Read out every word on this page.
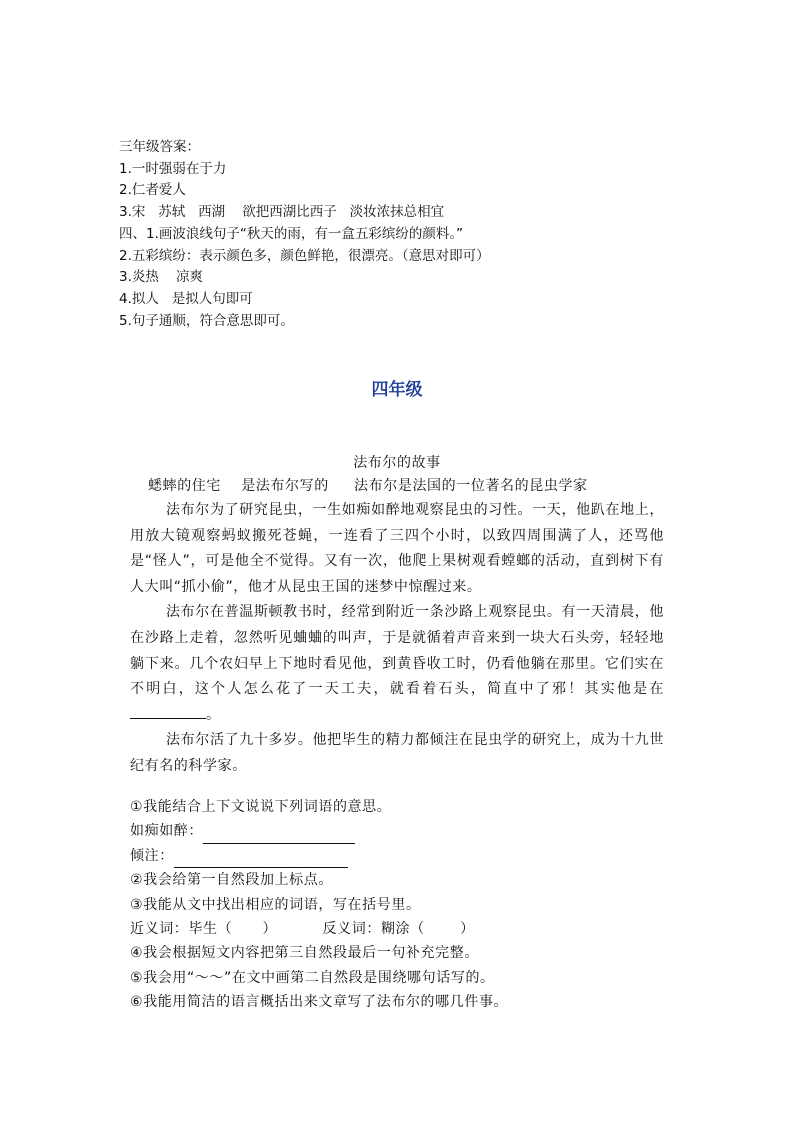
三年级答案：
1.一时强弱在于力
2.仁者爱人
3.宋   苏轼   西湖    欲把西湖比西子   淡妆浓抹总相宜
四、1.画波浪线句子“秋天的雨，有一盒五彩缤纷的颜料。”
2.五彩缤纷：表示颜色多，颜色鲜艳，很漂亮。（意思对即可）
3.炎热    凉爽
4.拟人   是拟人句即可
5.句子通顺，符合意思即可。
四年级
法布尔的故事
蟋蟀的住宅    是法布尔写的     法布尔是法国的一位著名的昆虫学家

法布尔为了研究昆虫，一生如痴如醉地观察昆虫的习性。一天，他趴在地上，用放大镜观察蚂蚁搬死苍蝇，一连看了三四个小时，以致四周围满了人，还骂他是“怪人”，可是他全不觉得。又有一次，他爬上果树观看螳螂的活动，直到树下有人大叫“抓小偷”，他才从昆虫王国的迷梦中惊醒过来。

法布尔在普温斯顿教书时，经常到附近一条沙路上观察昆虫。有一天清晨，他在沙路上走着，忽然听见蛐蛐的叫声，于是就循着声音来到一块大石头旁，轻轻地躺下来。几个农妇早上下地时看见他，到黄昏收工时，仍看他躺在那里。它们实在不明白，这个人怎么花了一天工夫，就看着石头，简直中了邪！其实他是在。

法布尔活了九十多岁。他把毕生的精力都倾注在昆虫学的研究上，成为十九世纪有名的科学家。

①我能结合上下文说说下列词语的意思。
如痴如醉：
倾注：
②我会给第一自然段加上标点。
③我能从文中找出相应的词语，写在括号里。
近义词：毕生（      ）         反义词：糊涂（       ）
④我会根据短文内容把第三自然段最后一句补充完整。
⑤我会用“～～”在文中画第二自然段是围绕哪句话写的。
⑥我能用简洁的语言概括出来文章写了法布尔的哪几件事。
